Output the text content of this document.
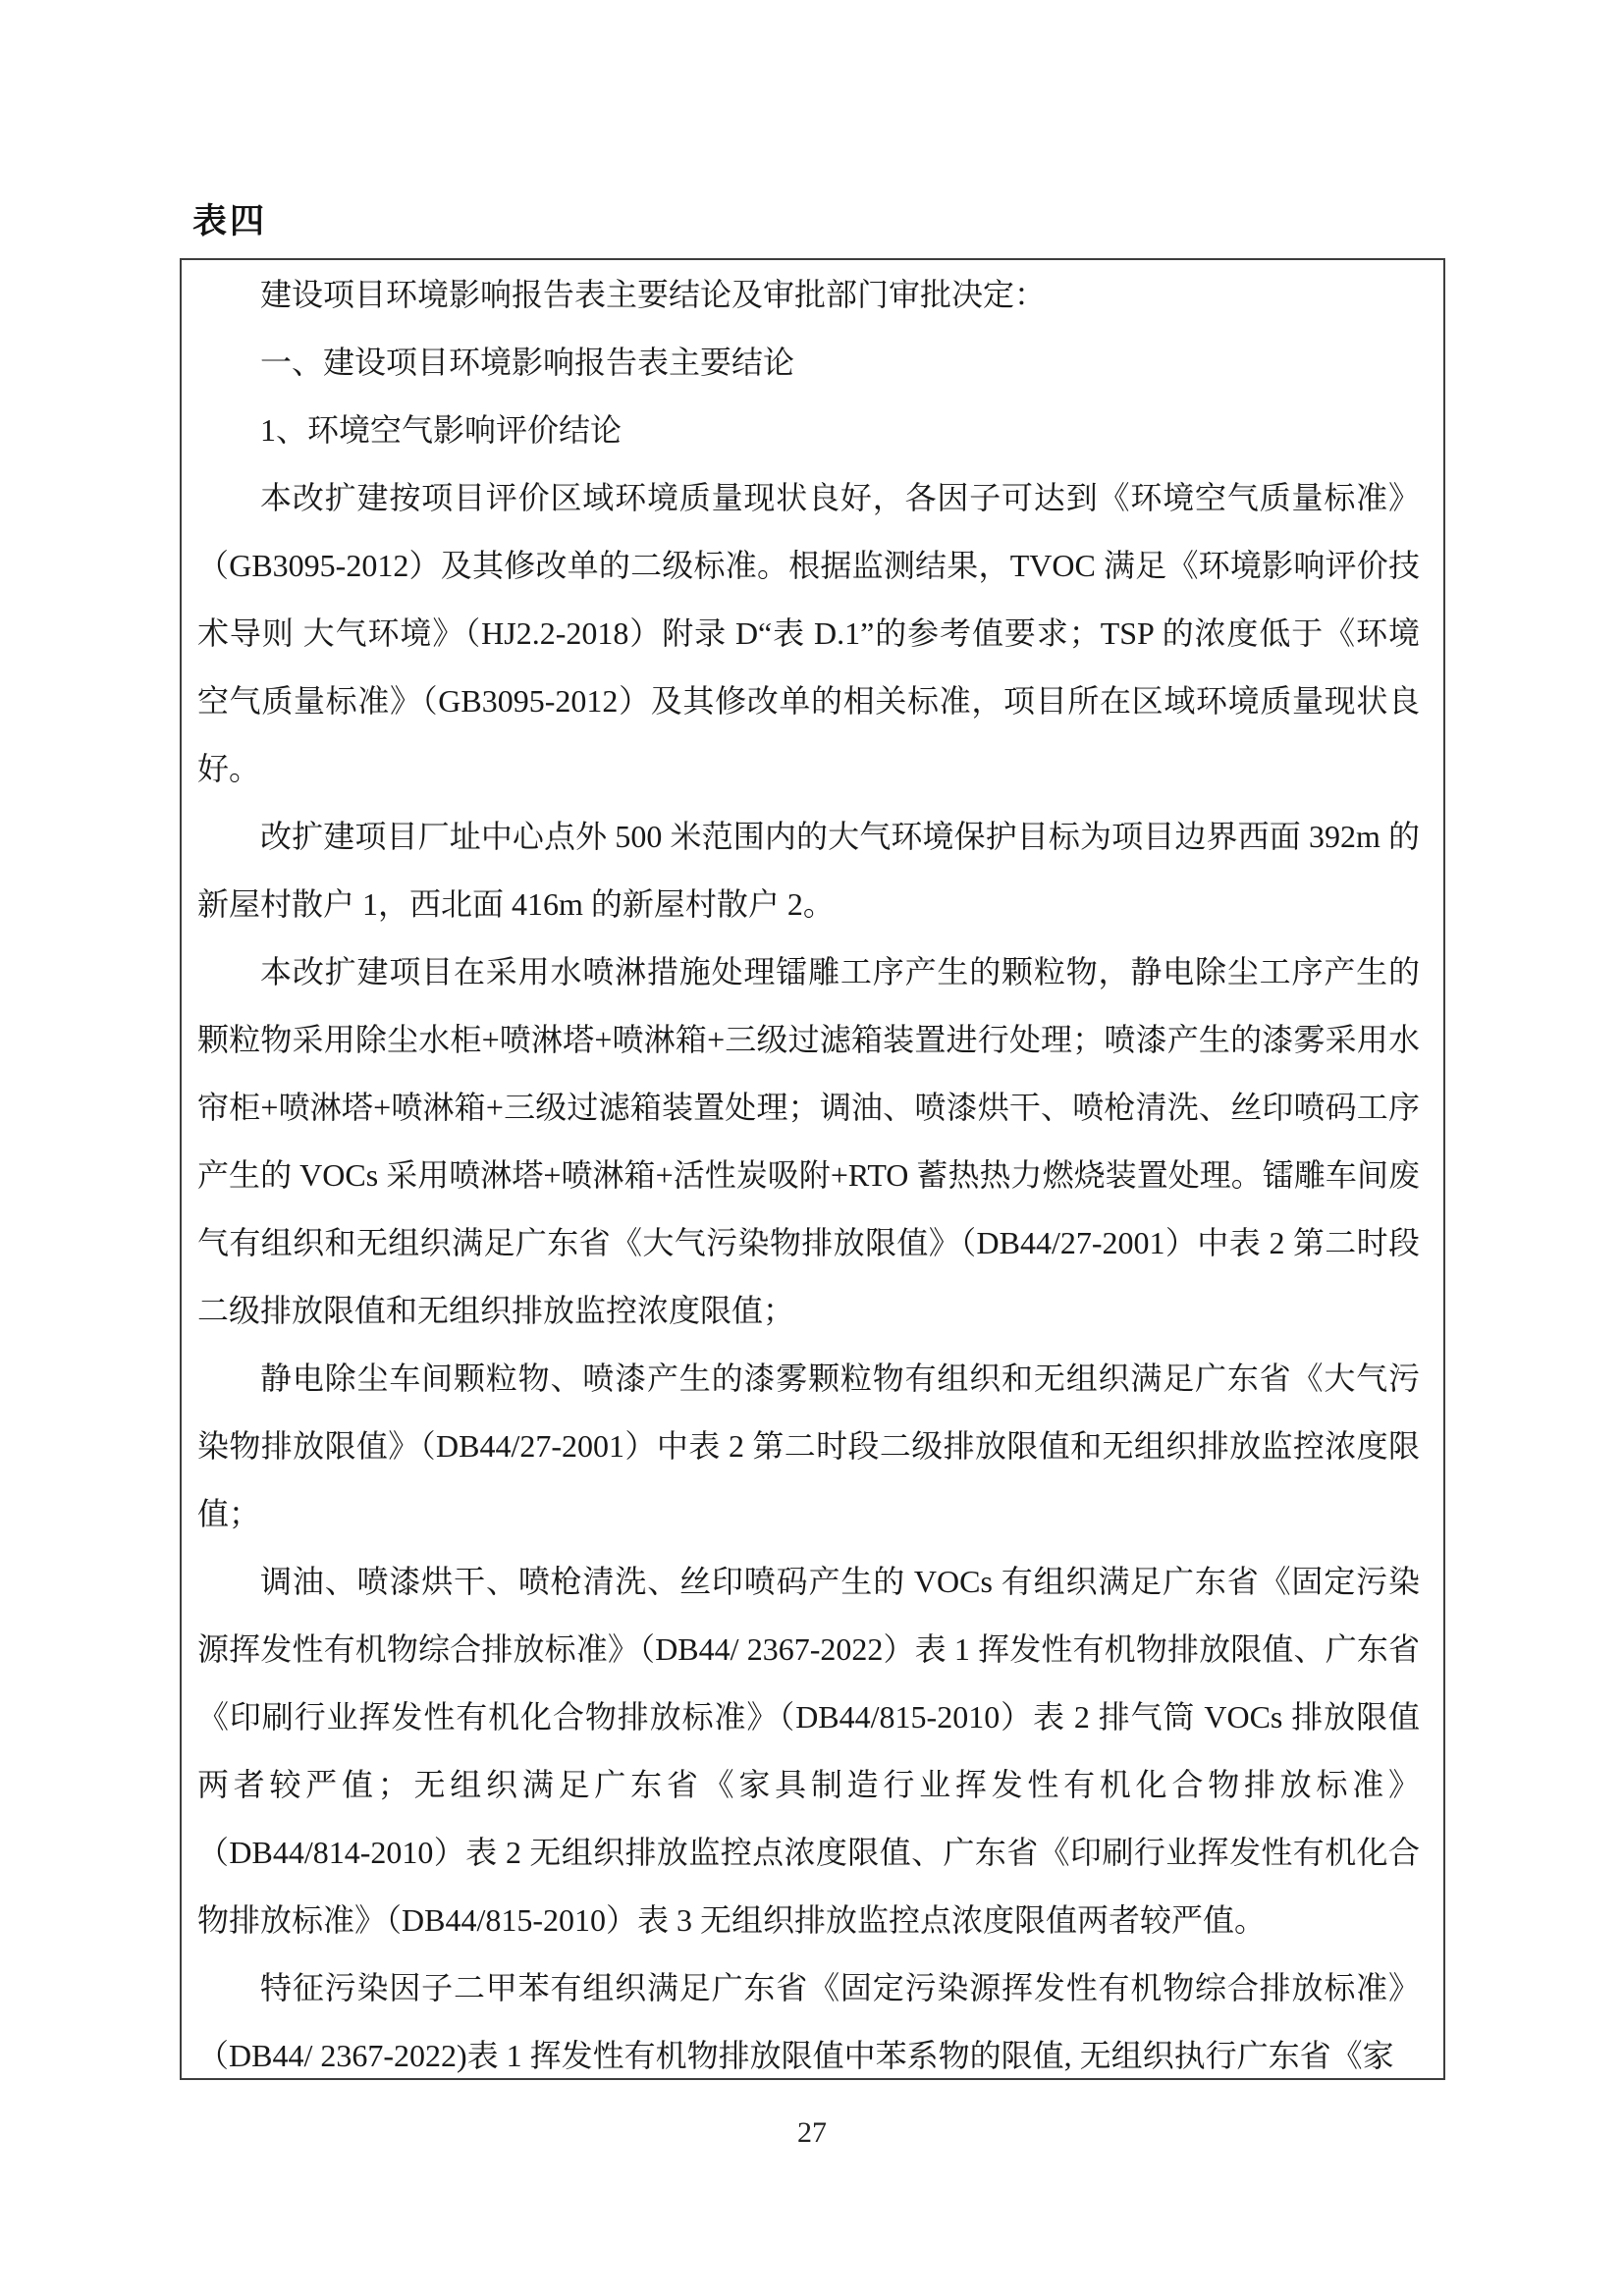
表四

建设项目环境影响报告表主要结论及审批部门审批决定：

一、建设项目环境影响报告表主要结论

1、环境空气影响评价结论

本改扩建按项目评价区域环境质量现状良好，各因子可达到《环境空气质量标准》（GB3095-2012）及其修改单的二级标准。根据监测结果，TVOC 满足《环境影响评价技术导则 大气环境》（HJ2.2-2018）附录 D“表 D.1”的参考值要求；TSP 的浓度低于《环境空气质量标准》（GB3095-2012）及其修改单的相关标准，项目所在区域环境质量现状良好。

改扩建项目厂址中心点外 500 米范围内的大气环境保护目标为项目边界西面 392m 的新屋村散户 1，西北面 416m 的新屋村散户 2。

本改扩建项目在采用水喷淋措施处理镭雕工序产生的颗粒物，静电除尘工序产生的颗粒物采用除尘水柜+喷淋塔+喷淋箱+三级过滤箱装置进行处理；喷漆产生的漆雾采用水帘柜+喷淋塔+喷淋箱+三级过滤箱装置处理；调油、喷漆烘干、喷枪清洗、丝印喷码工序产生的 VOCs 采用喷淋塔+喷淋箱+活性炭吸附+RTO 蓄热热力燃烧装置处理。镭雕车间废气有组织和无组织满足广东省《大气污染物排放限值》（DB44/27-2001）中表 2 第二时段二级排放限值和无组织排放监控浓度限值；

静电除尘车间颗粒物、喷漆产生的漆雾颗粒物有组织和无组织满足广东省《大气污染物排放限值》（DB44/27-2001）中表 2 第二时段二级排放限值和无组织排放监控浓度限值；

调油、喷漆烘干、喷枪清洗、丝印喷码产生的 VOCs 有组织满足广东省《固定污染源挥发性有机物综合排放标准》（DB44/ 2367-2022）表 1 挥发性有机物排放限值、广东省《印刷行业挥发性有机化合物排放标准》（DB44/815-2010）表 2 排气筒 VOCs 排放限值两者较严值；无组织满足广东省《家具制造行业挥发性有机化合物排放标准》（DB44/814-2010）表 2 无组织排放监控点浓度限值、广东省《印刷行业挥发性有机化合物排放标准》（DB44/815-2010）表 3 无组织排放监控点浓度限值两者较严值。

特征污染因子二甲苯有组织满足广东省《固定污染源挥发性有机物综合排放标准》（DB44/ 2367-2022)表 1 挥发性有机物排放限值中苯系物的限值, 无组织执行广东省《家

27
